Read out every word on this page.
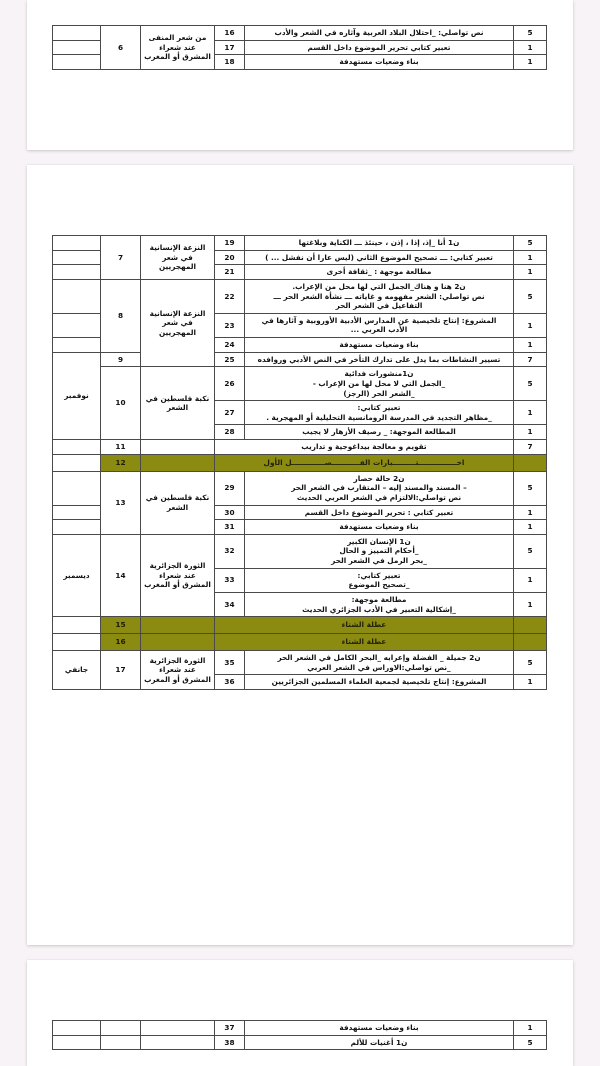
5	نص تواصلي: _احتلال البلاد العربية وآثاره في الشعر والأدب	16	من شعر المنفى عند شعراء المشرق أو المغرب	6	
1	تعبير كتابي تحرير الموضوع داخل القسم	17			
1	بناء وضعيات مستهدفة	18			
5	ن1 أنا _إذ، إذا ، إذن ، حينئذ ـــ الكناية وبلاغتها	19	النزعة الإنسانية في شعر المهجريين	7	
1	تعبير كتابي: ـــ تصحيح الموضوع الثاني (ليس عارا أن نفشل ... )	20			
1	مطالعة موجهة : _ثقافة أخرى	21			
5	ن2 هنا و هناك_الجمل التي لها محل من الإعراب.
نص تواصلي: الشعر مفهومه و غاياته ـــ نشأة الشعر الحر ـــ
التفاعيل في الشعر الحر	22	النزعة الإنسانية في شعر المهجريين	8	
1	المشروع: إنتاج تلخيصية عن المدارس الأدبية الأوروبية و آثارها في
الأدب العربي ...	23			
1	بناء وضعيات مستهدفة	24			
7	تسيير النشاطات بما يدل على تدارك التأخر في النص الأدبي وروافده	25		9	نوفمبر
5	ن1منشورات فدائية
_الجمل التي لا محل لها من الإعراب -
_الشعر الحر (الرجز)	26	نكبة فلسطين في الشعر	10	
1	تعبير كتابي:
_مظاهر التجديد في المدرسة الرومانسية التحليلية أو المهجرية .	27			
1	المطالعة الموجهة: _ رصيف الأزهار لا يجيب	28			
7	تقويم و معالجة بيداغوجية و تداريب			11	

	اخـــــــــــــــتـــــــــبارات الفـــــــــــصـــــــــــــل الأول			12	
5	ن2 حالة حصار
– المسند والمسند إليه – المتقارب في الشعر الحر
نص تواصلي:الالتزام في الشعر العربي الحديث	29	نكبة فلسطين في الشعر	13	
1	تعبير كتابي : تحرير الموضوع داخل القسم	30			
1	بناء وضعيات مستهدفة	31			
5	ن1 الإنسان الكبير
_أحكام التمييز و الحال
_بحر الرمل في الشعر الحر	32	الثورة الجزائرية عند شعراء المشرق أو المغرب	14	ديسمبر
1	تعبير كتابي:
_تصحيح الموضوع	33			
1	مطالعة موجهة:
_إشكالية التعبير في الأدب الجزائري الحديث	34			

	عطلة الشتاء			15	

	عطلة الشتاء			16	
5	ن2 جميلة _ الفضلة وإعرابه _البحر الكامل في الشعر الحر
_نص تواصلي:الاوراس في الشعر العربي	35	الثورة الجزائرية عند شعراء المشرق أو المغرب	17	جانفي
1	المشروع: إنتاج تلخيصية لجمعية العلماء المسلمين الجزائريين	36			
1	بناء وضعيات مستهدفة	37			
5	ن1 أغنيات للألم	38			
